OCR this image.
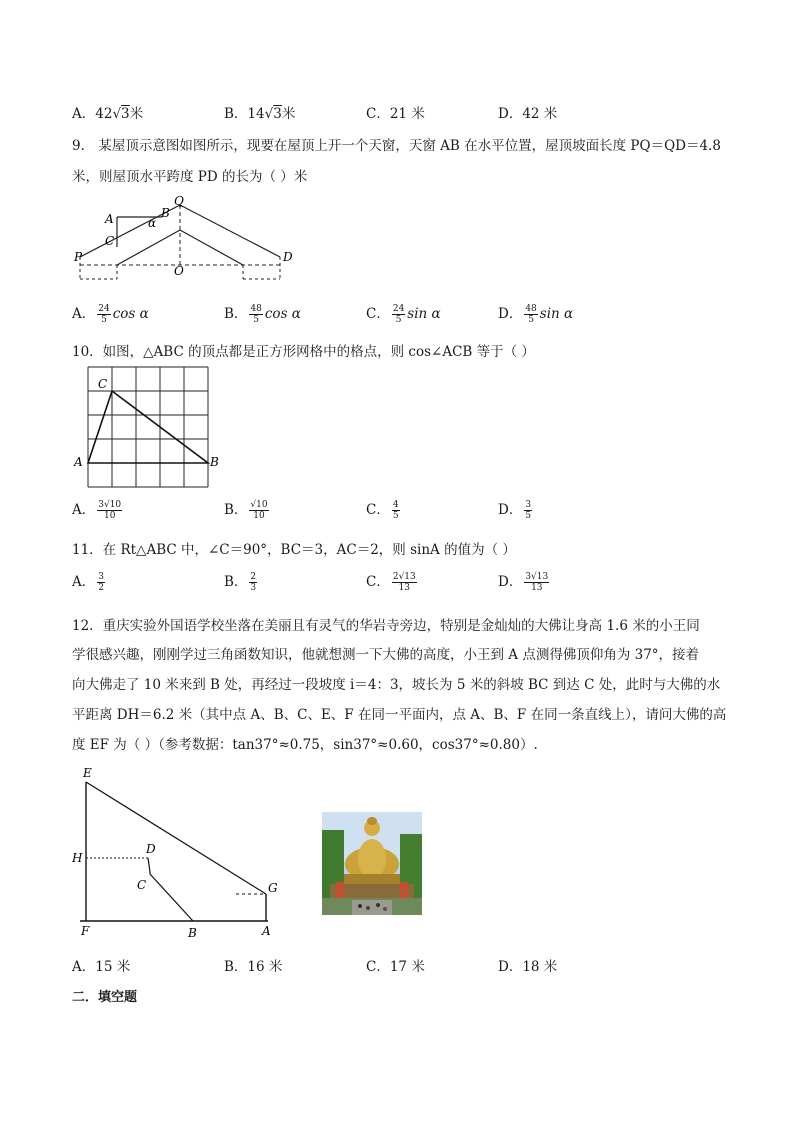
A．42√3米	B．14√3米	C．21 米	D．42 米
9． 某屋顶示意图如图所示，现要在屋顶上开一个天窗，天窗 AB 在水平位置，屋顶坡面长度 PQ＝QD＝4.8
米，则屋顶水平跨度 PD 的长为（ ）米
A	B
α
Q
C
P
O
D
A． $\frac{24}{5}$ cos α	B． $\frac{48}{5}$ cos α	C． $\frac{24}{5}$ sin α	D． $\frac{48}{5}$ sin α
10．如图，△ABC 的顶点都是正方形网格中的格点，则 cos∠ACB 等于（ ）
A	B
C
A． $\frac{3√10}{10}$	B． $\frac{√10}{10}$	C． $\frac{4}{5}$	D． $\frac{3}{5}$
11．在 Rt△ABC 中，∠C＝90°，BC＝3，AC＝2，则 sinA 的值为（ ）
A． $\frac{3}{2}$	B． $\frac{2}{3}$	C． $\frac{2√13}{13}$	D． $\frac{3√13}{13}$
12．重庆实验外国语学校坐落在美丽且有灵气的华岩寺旁边，特别是金灿灿的大佛让身高 1.6 米的小王同
学很感兴趣，刚刚学过三角函数知识，他就想测一下大佛的高度，小王到 A 点测得佛顶仰角为 37°，接着
向大佛走了 10 米来到 B 处，再经过一段坡度 i＝4：3，坡长为 5 米的斜坡 BC 到达 C 处，此时与大佛的水
平距离 DH＝6.2 米（其中点 A、B、C、E、F 在同一平面内，点 A、B、F 在同一条直线上），请问大佛的高
度 EF 为（ ）（参考数据：tan37°≈0.75，sin37°≈0.60，cos37°≈0.80）.
E
H
D
C	G
F	B	A
A．15 米	B．16 米	C．17 米	D．18 米
二．填空题
